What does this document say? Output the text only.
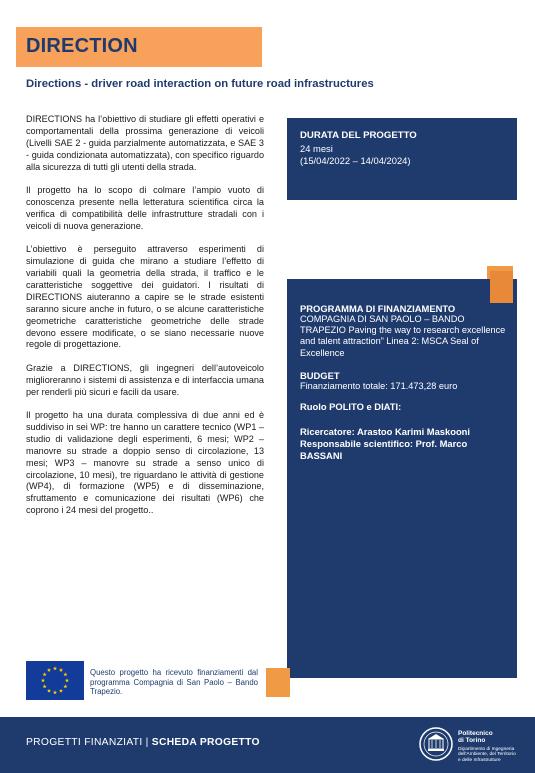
DIRECTION
Directions - driver road interaction on future road infrastructures

DIRECTIONS ha l’obiettivo di studiare gli effetti operativi e comportamentali della prossima generazione di veicoli (Livelli SAE 2 - guida parzialmente automatizzata, e SAE 3 - guida condizionata automatizzata), con specifico riguardo alla sicurezza di tutti gli utenti della strada.

Il progetto ha lo scopo di colmare l’ampio vuoto di conoscenza presente nella letteratura scientifica circa la verifica di compatibilità delle infrastrutture stradali con i veicoli di nuova generazione.

L’obiettivo è perseguito attraverso esperimenti di simulazione di guida che mirano a studiare l’effetto di variabili quali la geometria della strada, il traffico e le caratteristiche soggettive dei guidatori. I risultati di DIRECTIONS aiuteranno a capire se le strade esistenti saranno sicure anche in futuro, o se alcune caratteristiche geometriche caratteristiche geometriche delle strade devono essere modificate, o se siano necessarie nuove regole di progettazione.

Grazie a DIRECTIONS, gli ingegneri dell’autoveicolo miglioreranno i sistemi di assistenza e di interfaccia umana per renderli più sicuri e facili da usare.

Il progetto ha una durata complessiva di due anni ed è suddiviso in sei WP: tre hanno un carattere tecnico (WP1 – studio di validazione degli esperimenti, 6 mesi; WP2 – manovre su strade a doppio senso di circolazione, 13 mesi; WP3 – manovre su strade a senso unico di circolazione, 10 mesi), tre riguardano le attività di gestione (WP4), di formazione (WP5) e di disseminazione, sfruttamento e comunicazione dei risultati (WP6) che coprono i 24 mesi del progetto..

DURATA DEL PROGETTO
24 mesi
(15/04/2022 – 14/04/2024)

PROGRAMMA DI FINANZIAMENTO

COMPAGNIA DI SAN PAOLO – BANDO TRAPEZIO Paving the way to research excellence and talent attraction” Linea 2: MSCA Seal of Excellence

BUDGET

Finanziamento totale: 171.473,28 euro

Ruolo POLITO e DIATI:

Ricercatore: Arastoo Karimi Maskooni

Responsabile scientifico: Prof. Marco BASSANI

Questo progetto ha ricevuto finanziamenti dal programma Compagnia di San Paolo – Bando Trapezio.
PROGETTI FINANZIATI | SCHEDA PROGETTO
Politecnico
di Torino
Dipartimento di Ingegneria
dell’Ambiente, del Territorio
e delle Infrastrutture
